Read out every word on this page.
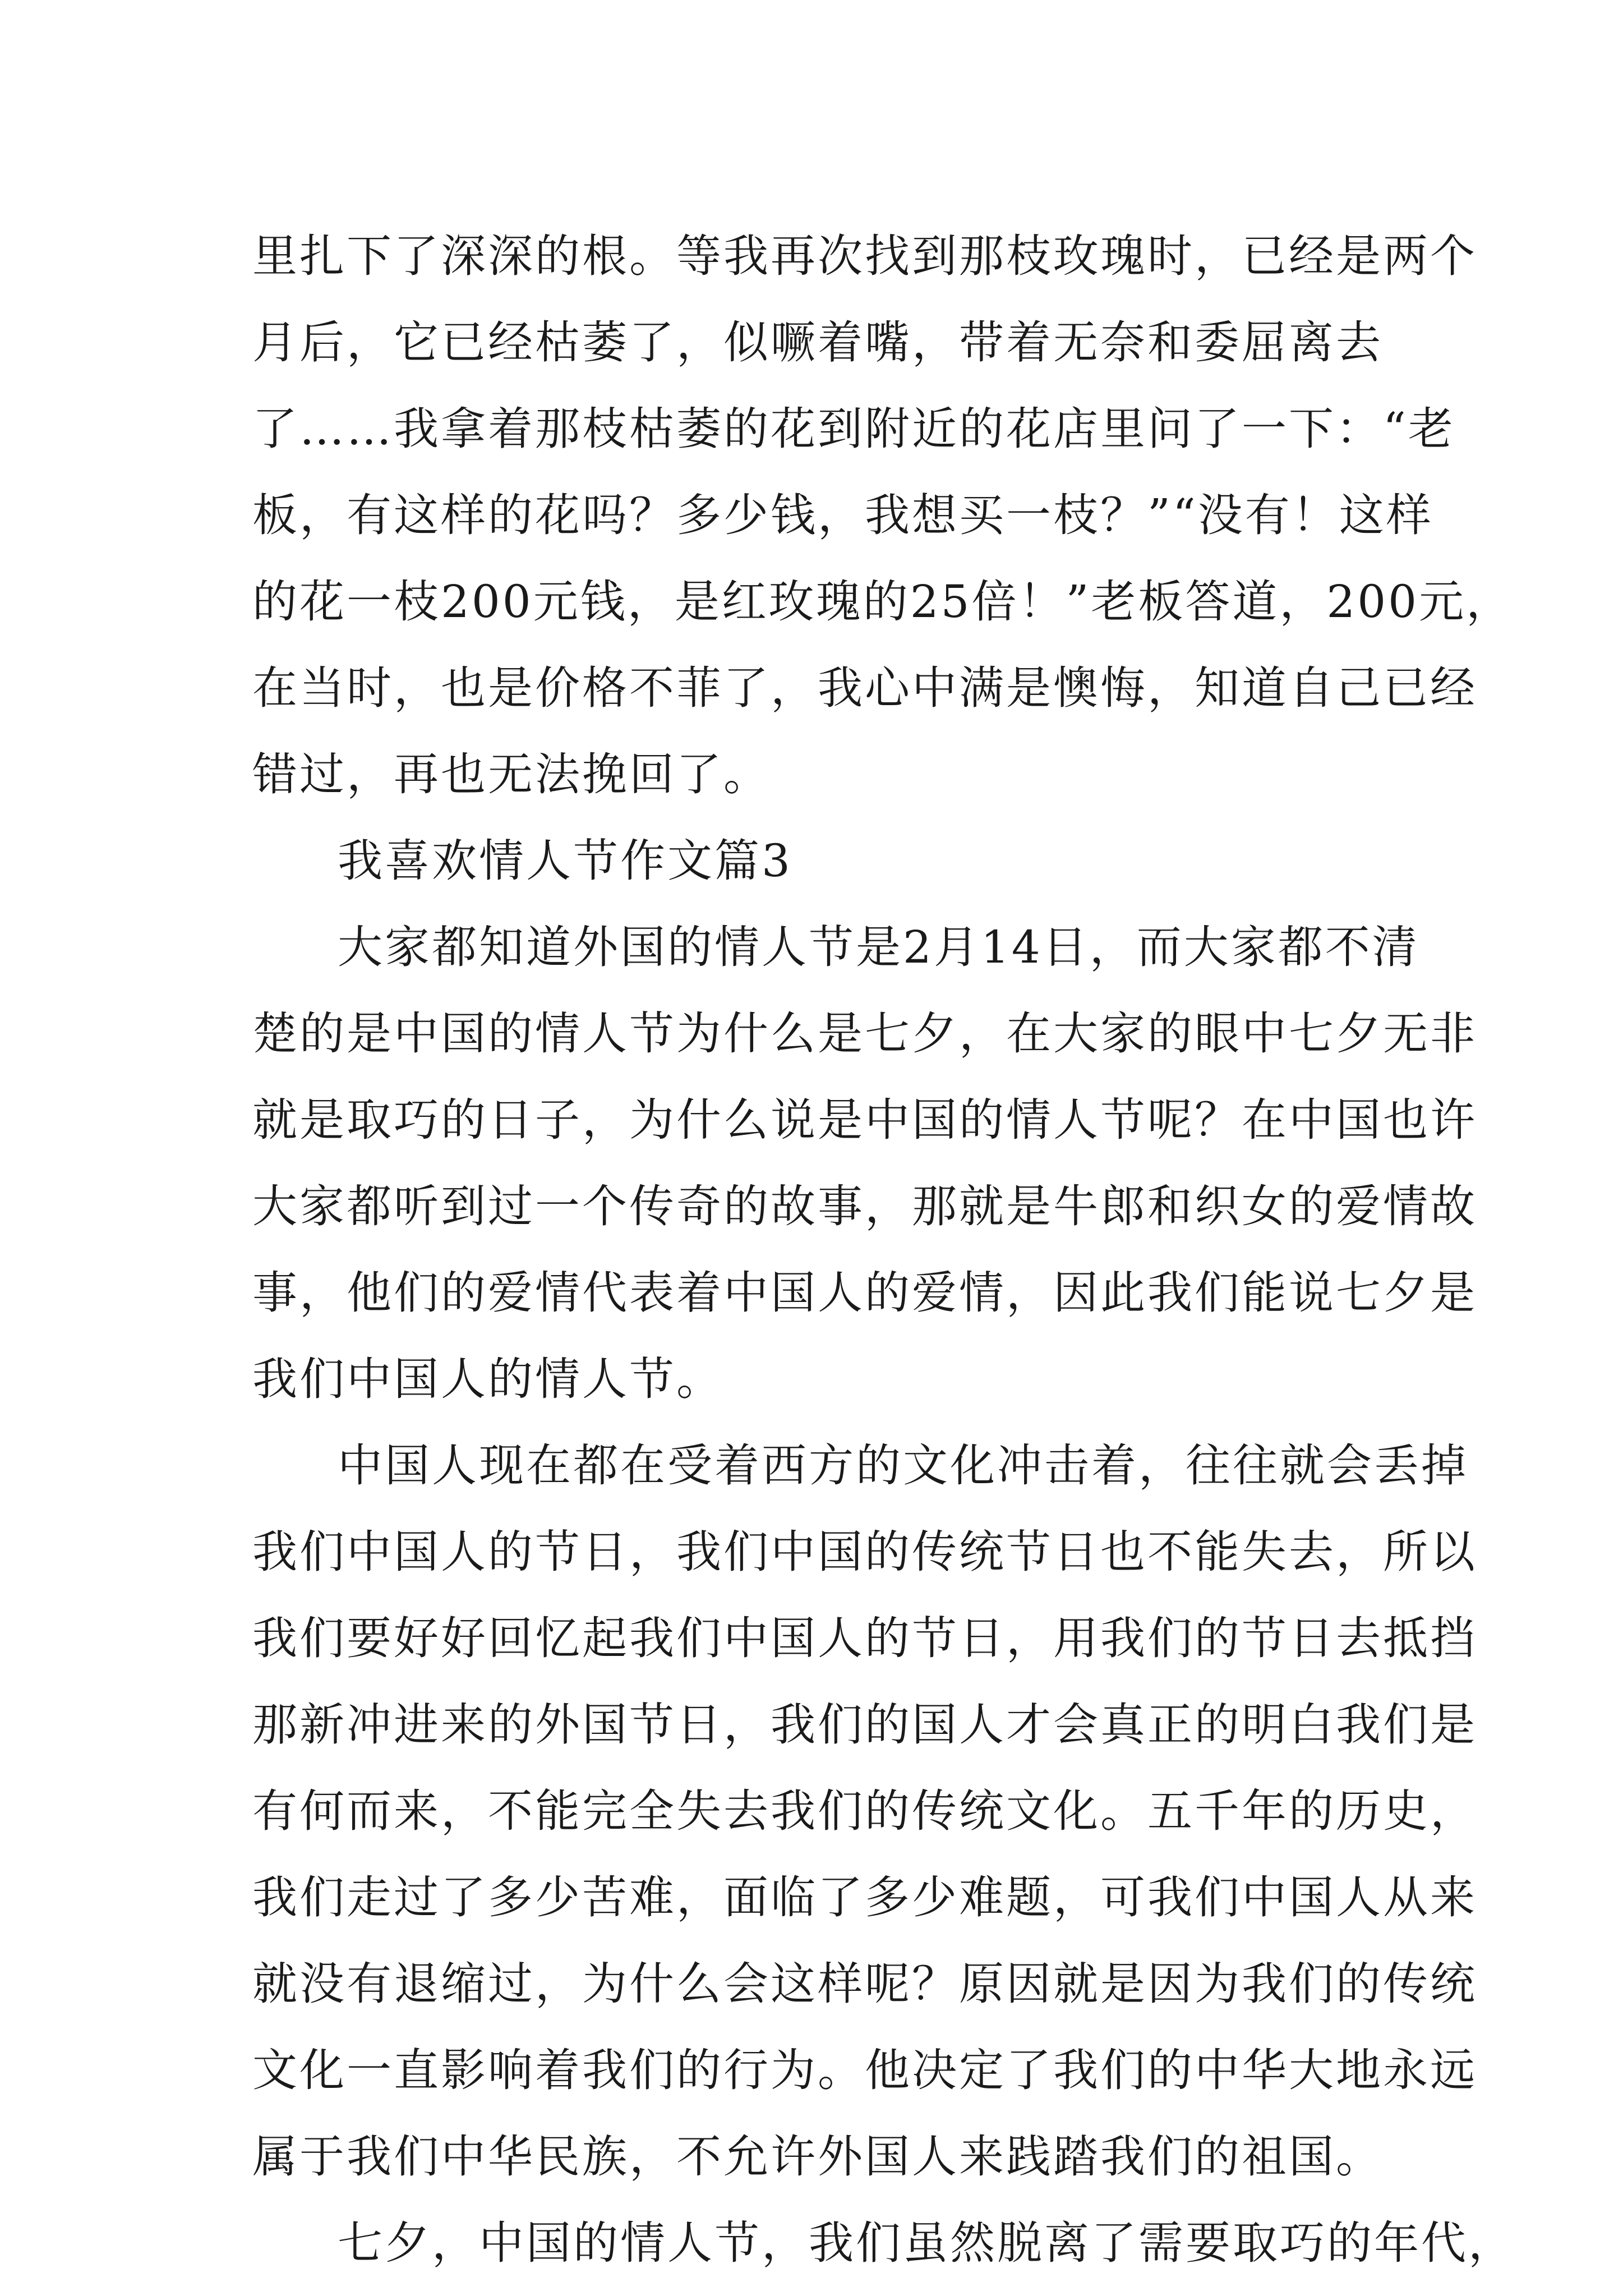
里扎下了深深的根。等我再次找到那枝玫瑰时，已经是两个
月后，它已经枯萎了，似噘着嘴，带着无奈和委屈离去
了……我拿着那枝枯萎的花到附近的花店里问了一下：“老
板，有这样的花吗？多少钱，我想买一枝？”“没有！这样
的花一枝200元钱，是红玫瑰的25倍！”老板答道，200元，
在当时，也是价格不菲了，我心中满是懊悔，知道自己已经
错过，再也无法挽回了。
我喜欢情人节作文篇3
大家都知道外国的情人节是2月14日，而大家都不清
楚的是中国的情人节为什么是七夕，在大家的眼中七夕无非
就是取巧的日子，为什么说是中国的情人节呢？在中国也许
大家都听到过一个传奇的故事，那就是牛郎和织女的爱情故
事，他们的爱情代表着中国人的爱情，因此我们能说七夕是
我们中国人的情人节。
中国人现在都在受着西方的文化冲击着，往往就会丢掉
我们中国人的节日，我们中国的传统节日也不能失去，所以
我们要好好回忆起我们中国人的节日，用我们的节日去抵挡
那新冲进来的外国节日，我们的国人才会真正的明白我们是
有何而来，不能完全失去我们的传统文化。五千年的历史，
我们走过了多少苦难，面临了多少难题，可我们中国人从来
就没有退缩过，为什么会这样呢？原因就是因为我们的传统
文化一直影响着我们的行为。他决定了我们的中华大地永远
属于我们中华民族，不允许外国人来践踏我们的祖国。
七夕，中国的情人节，我们虽然脱离了需要取巧的年代，
